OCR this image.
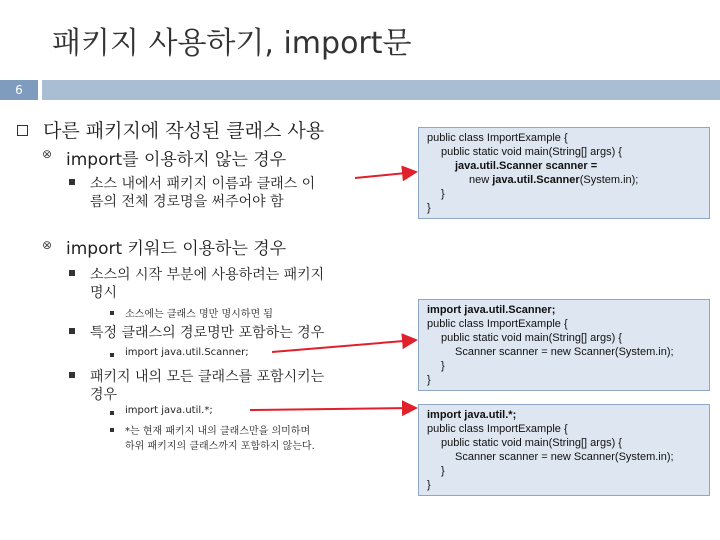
패키지 사용하기, import문
6
다른 패키지에 작성된 클래스 사용
⊗ import를 이용하지 않는 경우
소스 내에서 패키지 이름과 클래스 이
름의 전체 경로명을 써주어야 함
⊗ import 키워드 이용하는 경우
소스의 시작 부분에 사용하려는 패키지
명시
소스에는 클래스 명만 명시하면 됨
특정 클래스의 경로명만 포함하는 경우
import java.util.Scanner;
패키지 내의 모든 클래스를 포함시키는
경우
import java.util.*;
*는 현재 패키지 내의 클래스만을 의미하며
하위 패키지의 클래스까지 포함하지 않는다.
public class ImportExample {
public static void main(String[] args) {
java.util.Scanner scanner =
new java.util.Scanner(System.in);
}
}
import java.util.Scanner;
public class ImportExample {
public static void main(String[] args) {
Scanner scanner = new Scanner(System.in);
}
}
import java.util.*;
public class ImportExample {
public static void main(String[] args) {
Scanner scanner = new Scanner(System.in);
}
}
